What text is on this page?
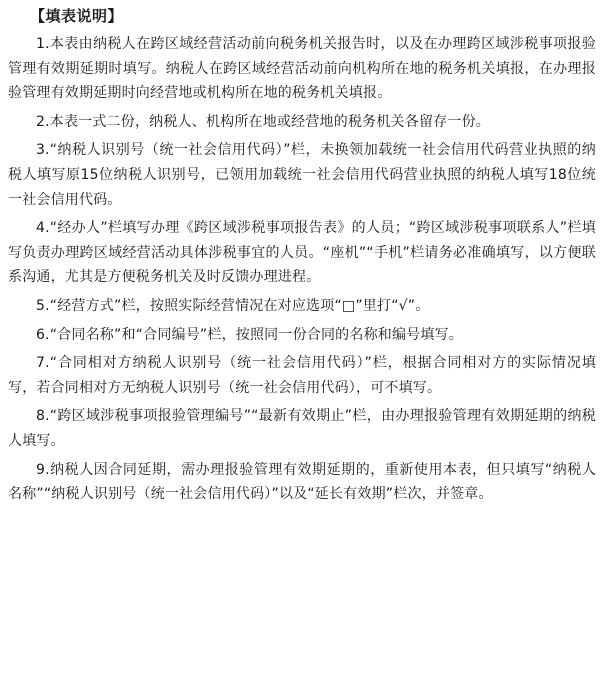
【填表说明】

1.本表由纳税人在跨区域经营活动前向税务机关报告时，以及在办理跨区域涉税事项报验管理有效期延期时填写。纳税人在跨区域经营活动前向机构所在地的税务机关填报，在办理报验管理有效期延期时向经营地或机构所在地的税务机关填报。

2.本表一式二份，纳税人、机构所在地或经营地的税务机关各留存一份。

3.“纳税人识别号（统一社会信用代码）”栏，未换领加载统一社会信用代码营业执照的纳税人填写原15位纳税人识别号，已领用加载统一社会信用代码营业执照的纳税人填写18位统一社会信用代码。

4.“经办人”栏填写办理《跨区域涉税事项报告表》的人员；“跨区域涉税事项联系人”栏填写负责办理跨区域经营活动具体涉税事宜的人员。“座机”“手机”栏请务必准确填写，以方便联系沟通，尤其是方便税务机关及时反馈办理进程。

5.“经营方式”栏，按照实际经营情况在对应选项“□”里打“√”。

6.“合同名称”和“合同编号”栏，按照同一份合同的名称和编号填写。

7.“合同相对方纳税人识别号（统一社会信用代码）”栏，根据合同相对方的实际情况填写，若合同相对方无纳税人识别号（统一社会信用代码），可不填写。

8.“跨区域涉税事项报验管理编号”“最新有效期止”栏，由办理报验管理有效期延期的纳税人填写。

9.纳税人因合同延期，需办理报验管理有效期延期的，重新使用本表，但只填写“纳税人名称”“纳税人识别号（统一社会信用代码）”以及“延长有效期”栏次，并签章。
